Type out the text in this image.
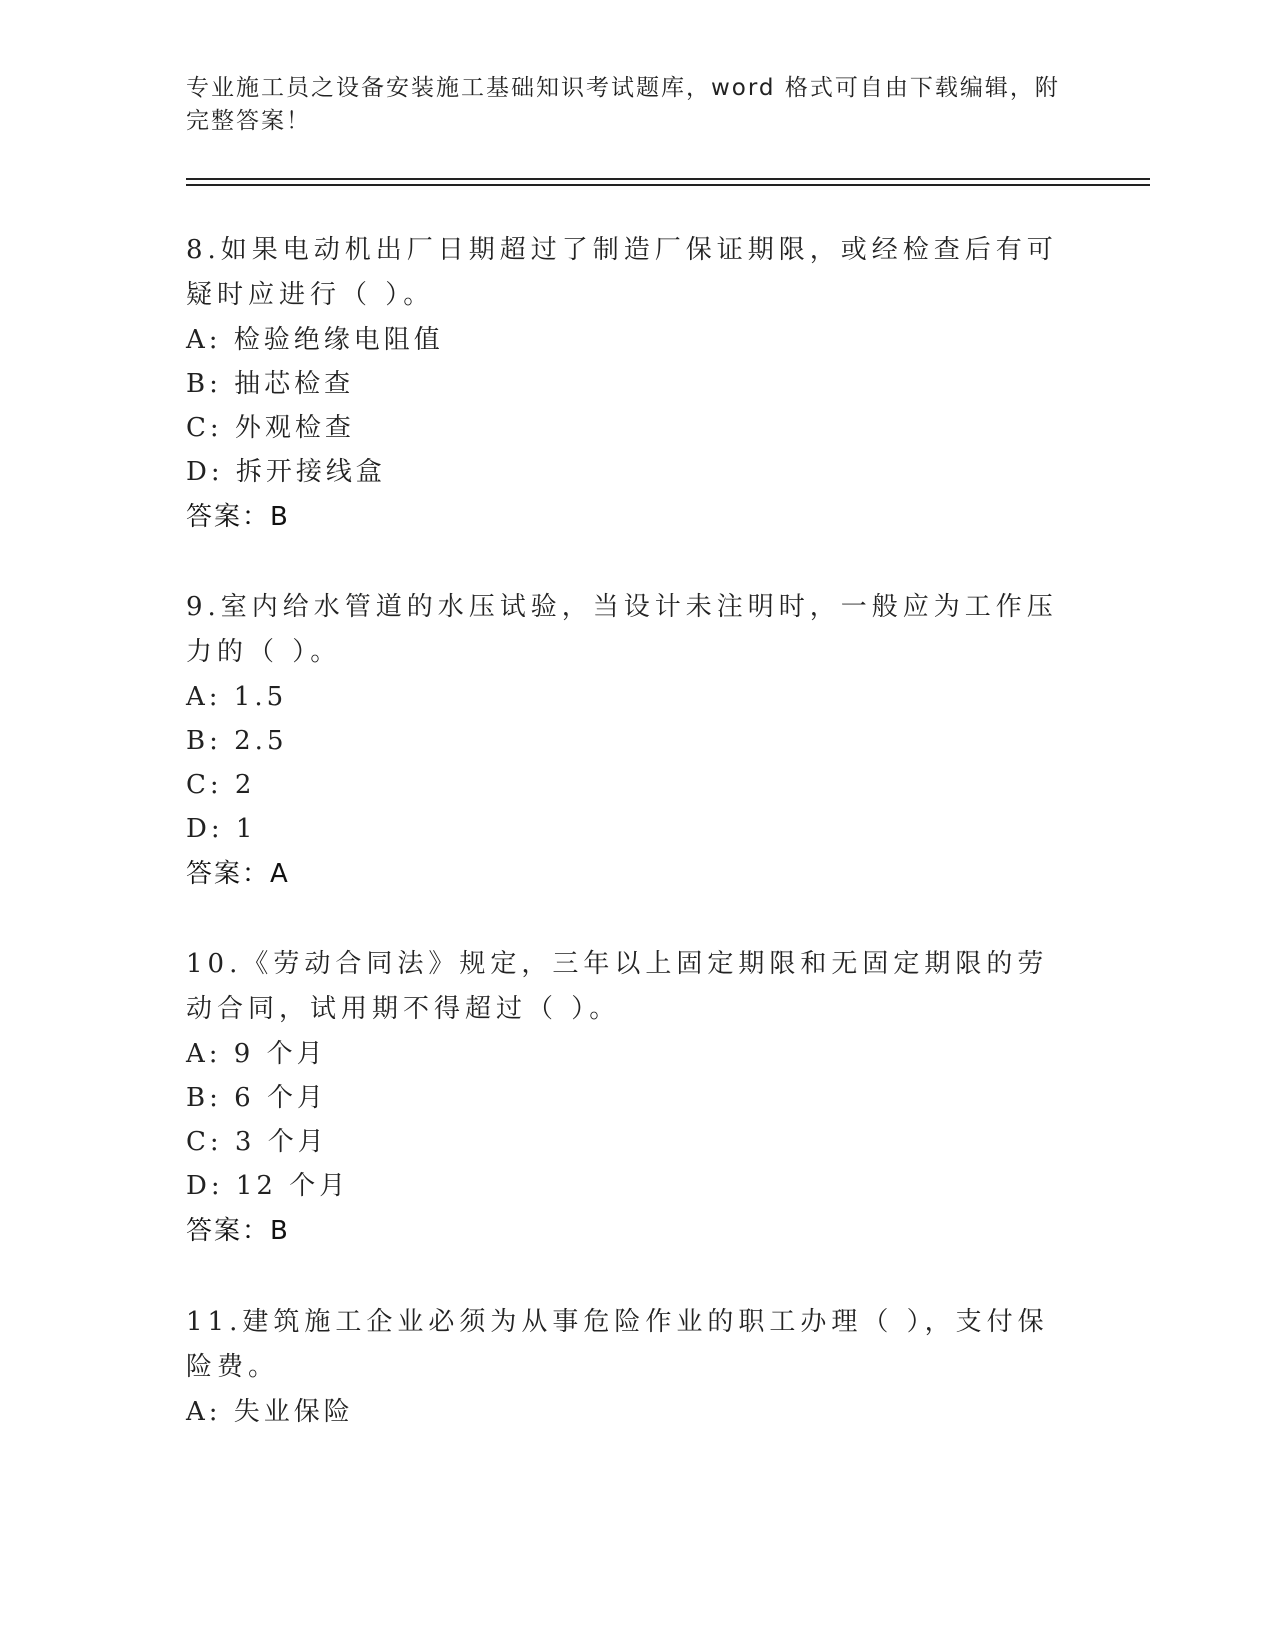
专业施工员之设备安装施工基础知识考试题库，word 格式可自由下载编辑，附完整答案！
8.如果电动机出厂日期超过了制造厂保证期限，或经检查后有可疑时应进行（ ）。
A: 检验绝缘电阻值
B: 抽芯检查
C: 外观检查
D: 拆开接线盒
答案：B
9.室内给水管道的水压试验，当设计未注明时，一般应为工作压力的（ ）。
A: 1.5
B: 2.5
C: 2
D: 1
答案：A
10.《劳动合同法》规定，三年以上固定期限和无固定期限的劳动合同，试用期不得超过（ ）。
A: 9 个月
B: 6 个月
C: 3 个月
D: 12 个月
答案：B
11.建筑施工企业必须为从事危险作业的职工办理（ ），支付保险费。
A: 失业保险
